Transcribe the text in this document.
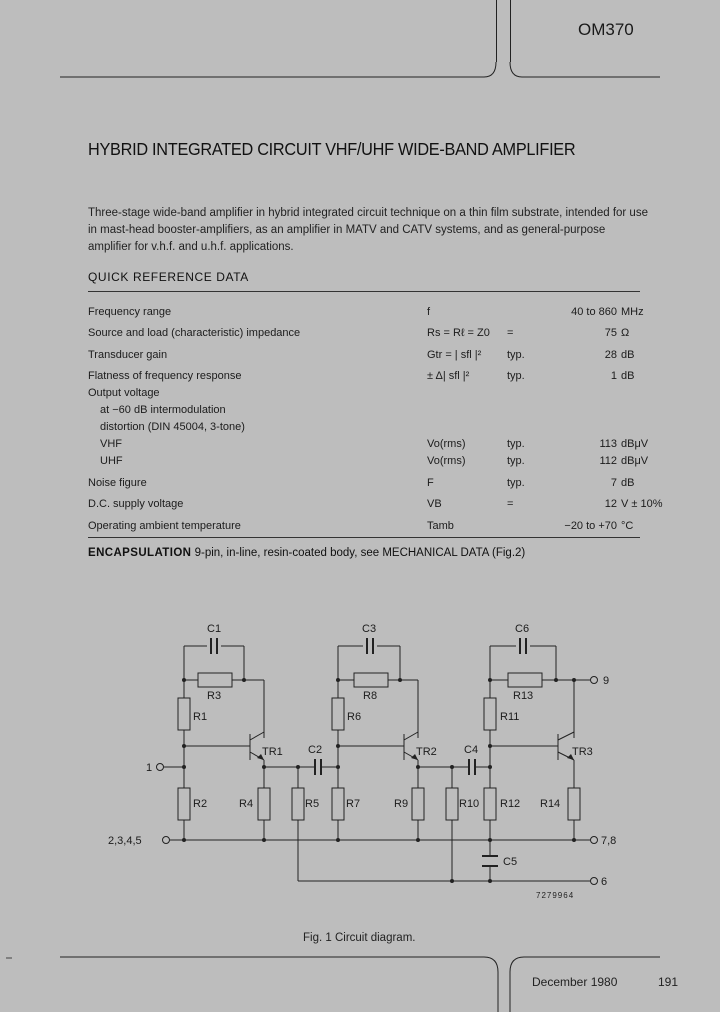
OM370
HYBRID INTEGRATED CIRCUIT VHF/UHF WIDE-BAND AMPLIFIER
Three-stage wide-band amplifier in hybrid integrated circuit technique on a thin film substrate, intended for use in mast-head booster-amplifiers, as an amplifier in MATV and CATV systems, and as general-purpose amplifier for v.h.f. and u.h.f. applications.
QUICK REFERENCE DATA
Frequency range	f		40 to 860	MHz
Source and load (characteristic) impedance	Rs = Rℓ = Z0	=	75	Ω
Transducer gain	Gtr = | sfl |²	typ.	28	dB
Flatness of frequency response	± Δ| sfl |²	typ.	1	dB
Output voltage				
at −60 dB intermodulation				
distortion (DIN 45004, 3-tone)				
VHF	Vo(rms)	typ.	113	dBμV
UHF	Vo(rms)	typ.	112	dBμV
Noise figure	F	typ.	7	dB
D.C. supply voltage	VB	=	12	V ± 10%
Operating ambient temperature	Tamb		−20 to +70	°C
ENCAPSULATION 9-pin, in-line, resin-coated body, see MECHANICAL DATA (Fig.2)
C1	C3	C6
R3	R8	R13
R1	R6	R11
TR1	TR2	TR3
C2	C4
1
R2	R4	R5 R7	R9	R10 R12 R14
2,3,4,5
C5
9
7,8
6
7279964
Fig. 1 Circuit diagram.
December 1980	191
